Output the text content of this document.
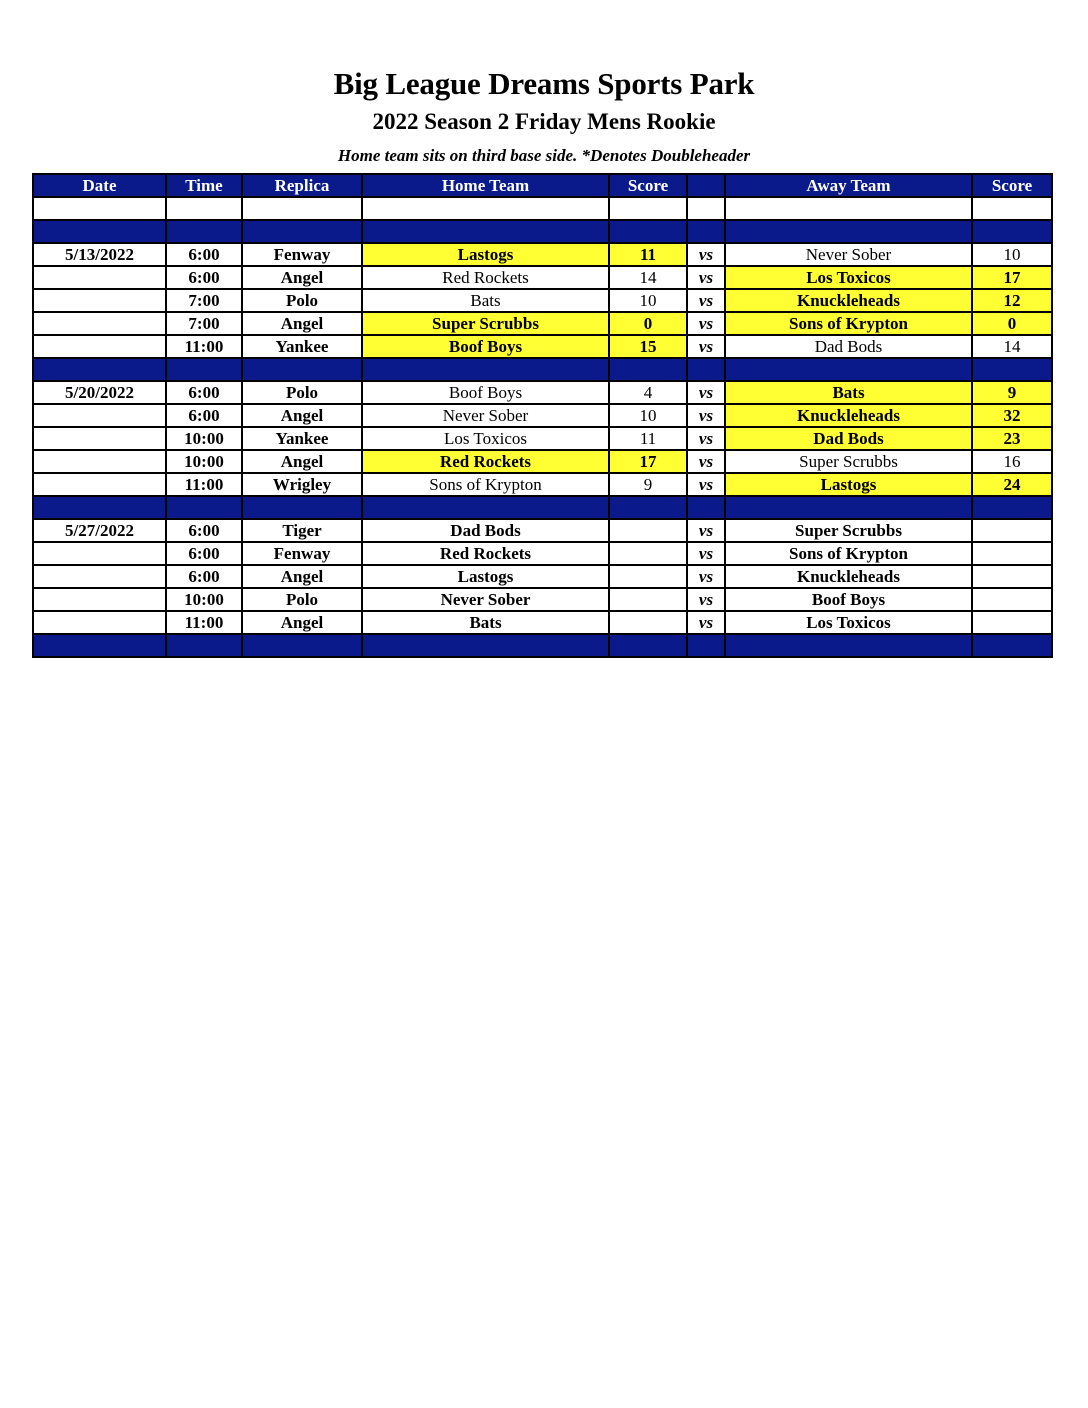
Big League Dreams Sports Park
2022 Season 2 Friday Mens Rookie
Home team sits on third base side. *Denotes Doubleheader
Date	Time	Replica	Home Team	Score		Away Team	Score

5/13/2022	6:00	Fenway	Lastogs	11	vs	Never Sober	10
	6:00	Angel	Red Rockets	14	vs	Los Toxicos	17
	7:00	Polo	Bats	10	vs	Knuckleheads	12
	7:00	Angel	Super Scrubbs	0	vs	Sons of Krypton	0
	11:00	Yankee	Boof Boys	15	vs	Dad Bods	14

5/20/2022	6:00	Polo	Boof Boys	4	vs	Bats	9
	6:00	Angel	Never Sober	10	vs	Knuckleheads	32
	10:00	Yankee	Los Toxicos	11	vs	Dad Bods	23
	10:00	Angel	Red Rockets	17	vs	Super Scrubbs	16
	11:00	Wrigley	Sons of Krypton	9	vs	Lastogs	24

5/27/2022	6:00	Tiger	Dad Bods		vs	Super Scrubbs	
	6:00	Fenway	Red Rockets		vs	Sons of Krypton	
	6:00	Angel	Lastogs		vs	Knuckleheads	
	10:00	Polo	Never Sober		vs	Boof Boys	
	11:00	Angel	Bats		vs	Los Toxicos	
